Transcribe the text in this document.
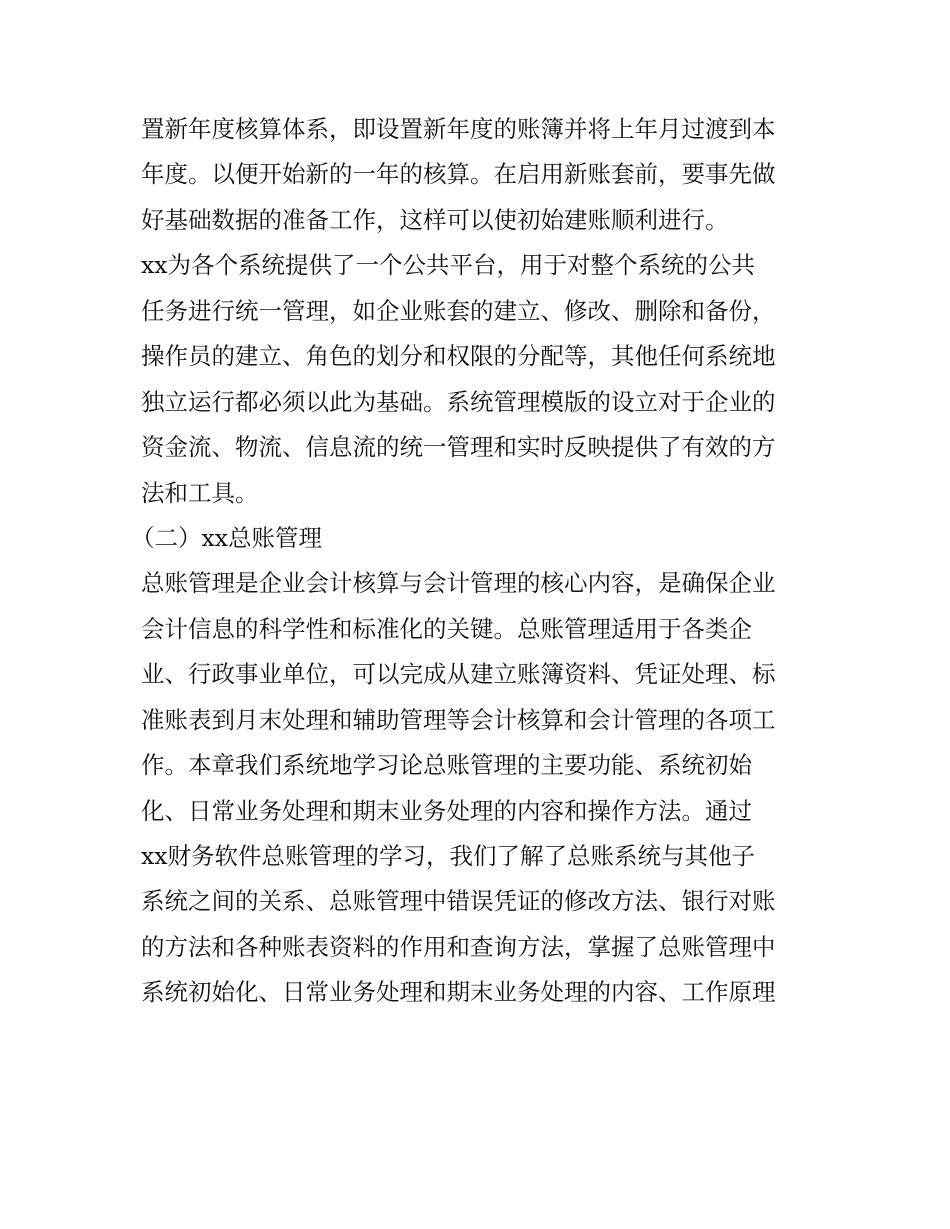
置新年度核算体系，即设置新年度的账簿并将上年月过渡到本
年度。以便开始新的一年的核算。在启用新账套前，要事先做
好基础数据的准备工作，这样可以使初始建账顺利进行。
xx为各个系统提供了一个公共平台，用于对整个系统的公共
任务进行统一管理，如企业账套的建立、修改、删除和备份，
操作员的建立、角色的划分和权限的分配等，其他任何系统地
独立运行都必须以此为基础。系统管理模版的设立对于企业的
资金流、物流、信息流的统一管理和实时反映提供了有效的方
法和工具。
（二）xx总账管理
总账管理是企业会计核算与会计管理的核心内容，是确保企业
会计信息的科学性和标准化的关键。总账管理适用于各类企
业、行政事业单位，可以完成从建立账簿资料、凭证处理、标
准账表到月末处理和辅助管理等会计核算和会计管理的各项工
作。本章我们系统地学习论总账管理的主要功能、系统初始
化、日常业务处理和期末业务处理的内容和操作方法。通过
xx财务软件总账管理的学习，我们了解了总账系统与其他子
系统之间的关系、总账管理中错误凭证的修改方法、银行对账
的方法和各种账表资料的作用和查询方法，掌握了总账管理中
系统初始化、日常业务处理和期末业务处理的内容、工作原理
